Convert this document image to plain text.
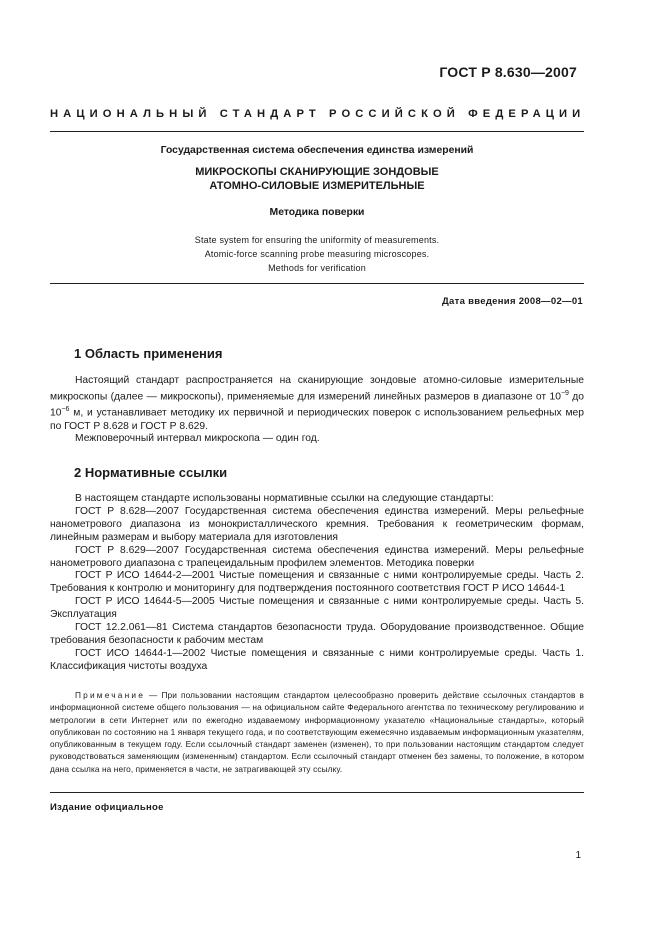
ГОСТ Р 8.630—2007
НАЦИОНАЛЬНЫЙ СТАНДАРТ РОССИЙСКОЙ ФЕДЕРАЦИИ
Государственная система обеспечения единства измерений
МИКРОСКОПЫ СКАНИРУЮЩИЕ ЗОНДОВЫЕ
АТОМНО-СИЛОВЫЕ ИЗМЕРИТЕЛЬНЫЕ
Методика поверки
State system for ensuring the uniformity of measurements.
Atomic-force scanning probe measuring microscopes.
Methods for verification
Дата введения 2008—02—01
1 Область применения

Настоящий стандарт распространяется на сканирующие зондовые атомно-силовые измерительные микроскопы (далее — микроскопы), применяемые для измерений линейных размеров в диапазоне от $10^{-9}$ до $10^{-6}$ м, и устанавливает методику их первичной и периодических поверок с использованием рельефных мер по ГОСТ Р 8.628 и ГОСТ Р 8.629.

Межповерочный интервал микроскопа — один год.

2 Нормативные ссылки

В настоящем стандарте использованы нормативные ссылки на следующие стандарты:

ГОСТ Р 8.628—2007 Государственная система обеспечения единства измерений. Меры рельефные нанометрового диапазона из монокристаллического кремния. Требования к геометрическим формам, линейным размерам и выбору материала для изготовления

ГОСТ Р 8.629—2007 Государственная система обеспечения единства измерений. Меры рельефные нанометрового диапазона с трапецеидальным профилем элементов. Методика поверки

ГОСТ Р ИСО 14644-2—2001 Чистые помещения и связанные с ними контролируемые среды. Часть 2. Требования к контролю и мониторингу для подтверждения постоянного соответствия ГОСТ Р ИСО 14644-1

ГОСТ Р ИСО 14644-5—2005 Чистые помещения и связанные с ними контролируемые среды. Часть 5. Эксплуатация

ГОСТ 12.2.061—81 Система стандартов безопасности труда. Оборудование производственное. Общие требования безопасности к рабочим местам

ГОСТ ИСО 14644-1—2002 Чистые помещения и связанные с ними контролируемые среды. Часть 1. Классификация чистоты воздуха

Примечание — При пользовании настоящим стандартом целесообразно проверить действие ссылочных стандартов в информационной системе общего пользования — на официальном сайте Федерального агентства по техническому регулированию и метрологии в сети Интернет или по ежегодно издаваемому информационному указателю «Национальные стандарты», который опубликован по состоянию на 1 января текущего года, и по соответствующим ежемесячно издаваемым информационным указателям, опубликованным в текущем году. Если ссылочный стандарт заменен (изменен), то при пользовании настоящим стандартом следует руководствоваться заменяющим (измененным) стандартом. Если ссылочный стандарт отменен без замены, то положение, в котором дана ссылка на него, применяется в части, не затрагивающей эту ссылку.

Издание официальное
1
